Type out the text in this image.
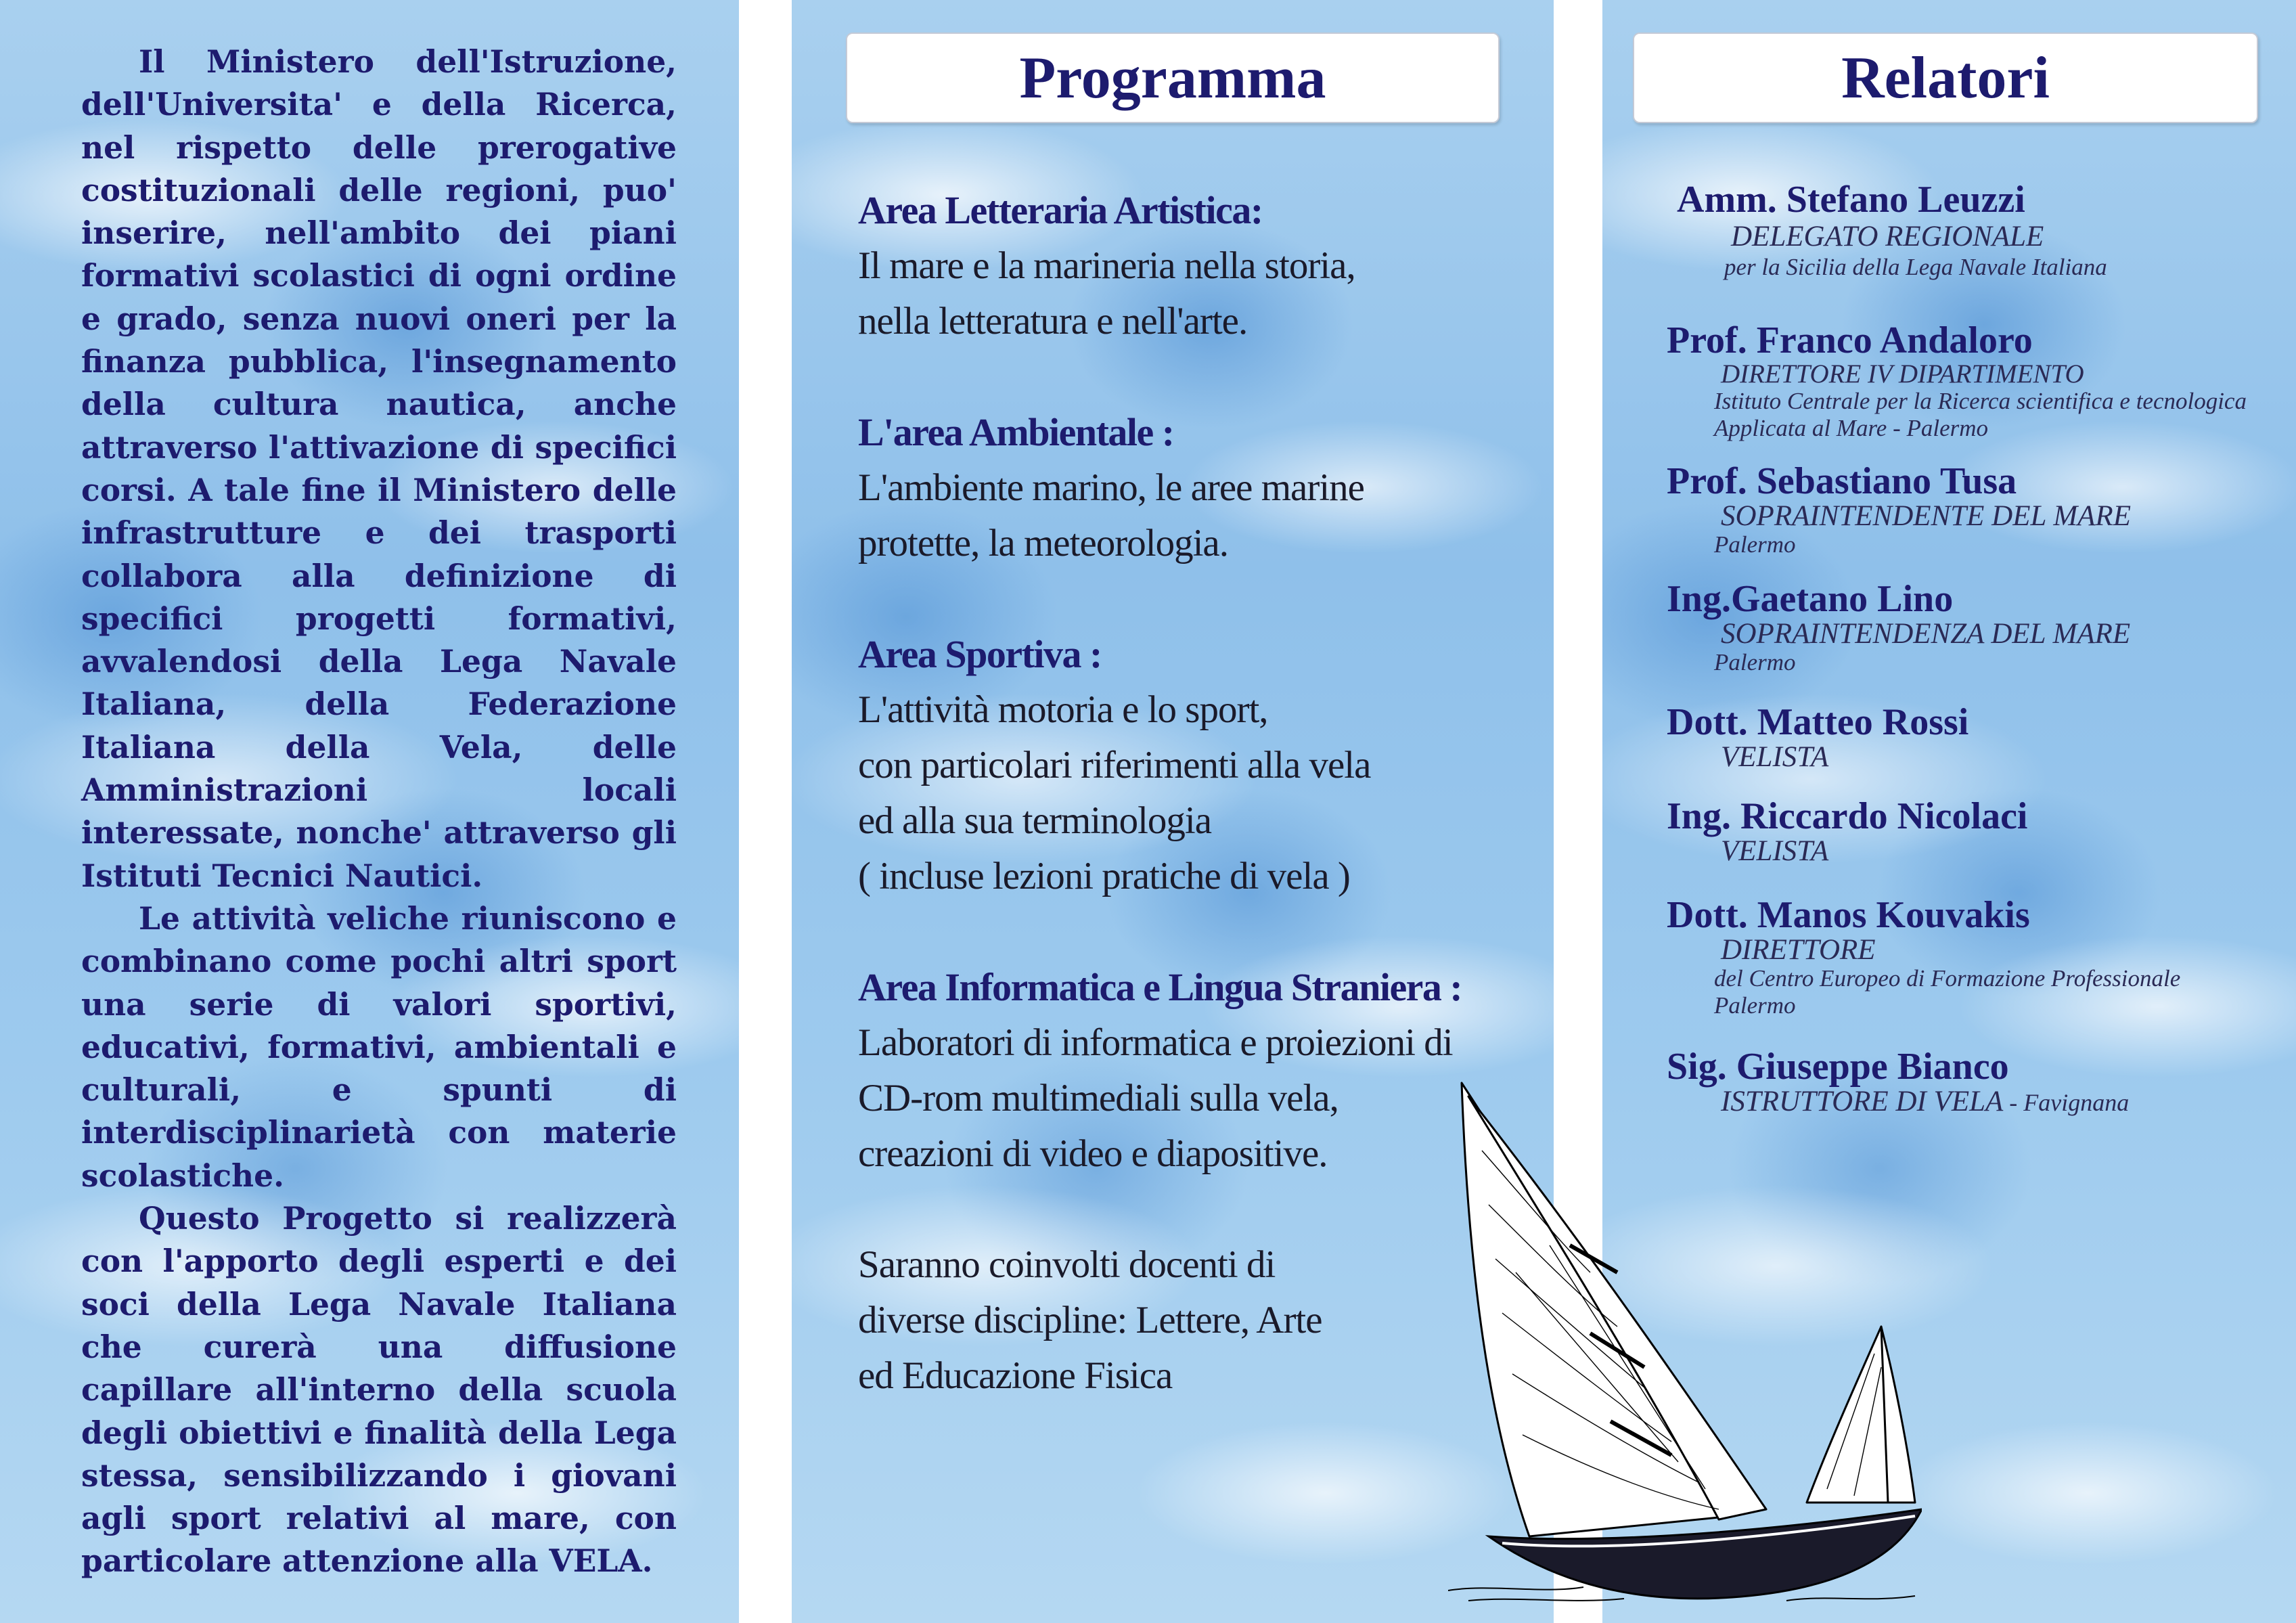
Il Ministero dell'Istruzione, dell'Universita' e della Ricerca, nel rispetto delle prerogative costituzionali delle regioni, puo' inserire, nell'ambito dei piani formativi scolastici di ogni ordine e grado, senza nuovi oneri per la finanza pubblica, l'insegnamento della cultura nautica, anche attraverso l'attivazione di specifici corsi. A tale fine il Ministero delle infrastrutture e dei trasporti collabora alla definizione di specifici progetti formativi, avvalendosi della Lega Navale Italiana, della Federazione Italiana della Vela, delle Amministrazioni locali interessate, nonche' attraverso gli Istituti Tecnici Nautici.

Le attività veliche riuniscono e combinano come pochi altri sport una serie di valori sportivi, educativi, formativi, ambientali e culturali, e spunti di interdisciplinarietà con materie scolastiche.

Questo Progetto si realizzerà con l'apporto degli esperti e dei soci della Lega Navale Italiana che curerà una diffusione capillare all'interno della scuola degli obiettivi e finalità della Lega stessa, sensibilizzando i giovani agli sport relativi al mare, con particolare attenzione alla VELA.

Programma
Area Letteraria Artistica:
Il mare e la marineria nella storia,
nella letteratura e nell'arte.
L'area Ambientale :
L'ambiente marino, le aree marine
protette, la meteorologia.
Area Sportiva :
L'attività motoria e lo sport,
con particolari riferimenti alla vela
ed alla sua terminologia
( incluse lezioni pratiche di vela )
Area Informatica e Lingua Straniera :
Laboratori di informatica e proiezioni di
CD-rom multimediali sulla vela,
creazioni di video e diapositive.
Saranno coinvolti docenti di
diverse discipline: Lettere, Arte
ed Educazione Fisica
Relatori
Amm. Stefano Leuzzi
DELEGATO REGIONALE
per la Sicilia della Lega Navale Italiana
Prof. Franco Andaloro
DIRETTORE IV DIPARTIMENTO
Istituto Centrale per la Ricerca scientifica e tecnologica
Applicata al Mare - Palermo
Prof. Sebastiano Tusa
SOPRAINTENDENTE DEL MARE
Palermo
Ing.Gaetano Lino
SOPRAINTENDENZA DEL MARE
Palermo
Dott. Matteo Rossi
VELISTA
Ing. Riccardo Nicolaci
VELISTA
Dott. Manos Kouvakis
DIRETTORE
del Centro Europeo di Formazione Professionale
Palermo
Sig. Giuseppe Bianco
ISTRUTTORE DI VELA - Favignana
